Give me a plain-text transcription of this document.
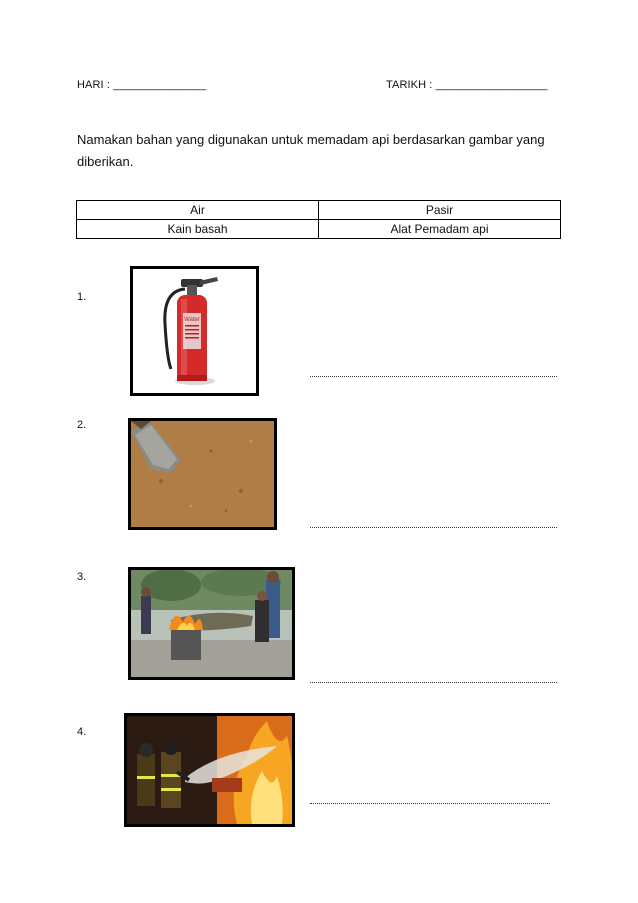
HARI : _______________	TARIKH : __________________
Namakan bahan yang digunakan untuk memadam api berdasarkan gambar yang diberikan.
Air	Pasir
Kain basah	Alat Pemadam api
1.
Water
2.
3.
4.
